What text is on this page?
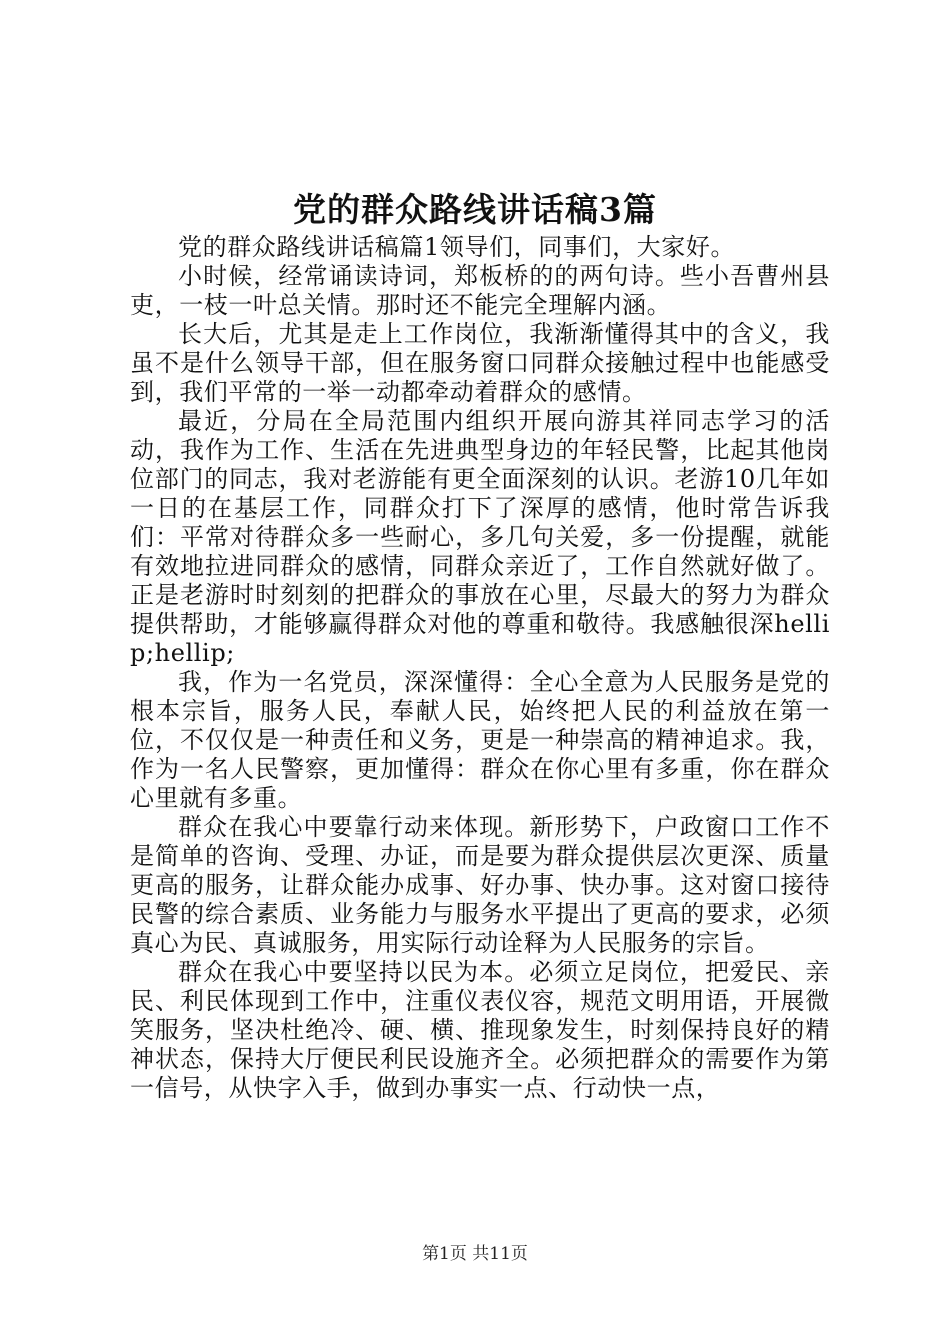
党的群众路线讲话稿3篇

党的群众路线讲话稿篇1领导们，同事们，大家好。

小时候，经常诵读诗词，郑板桥的的两句诗。些小吾曹州县吏，一枝一叶总关情。那时还不能完全理解内涵。

长大后，尤其是走上工作岗位，我渐渐懂得其中的含义，我虽不是什么领导干部，但在服务窗口同群众接触过程中也能感受到，我们平常的一举一动都牵动着群众的感情。

最近，分局在全局范围内组织开展向游其祥同志学习的活动，我作为工作、生活在先进典型身边的年轻民警，比起其他岗位部门的同志，我对老游能有更全面深刻的认识。老游10几年如一日的在基层工作，同群众打下了深厚的感情，他时常告诉我们：平常对待群众多一些耐心，多几句关爱，多一份提醒，就能有效地拉进同群众的感情，同群众亲近了，工作自然就好做了。正是老游时时刻刻的把群众的事放在心里，尽最大的努力为群众提供帮助，才能够赢得群众对他的尊重和敬待。我感触很深hellip;hellip;

我，作为一名党员，深深懂得：全心全意为人民服务是党的根本宗旨，服务人民，奉献人民，始终把人民的利益放在第一位，不仅仅是一种责任和义务，更是一种崇高的精神追求。我，作为一名人民警察，更加懂得：群众在你心里有多重，你在群众心里就有多重。

群众在我心中要靠行动来体现。新形势下，户政窗口工作不是简单的咨询、受理、办证，而是要为群众提供层次更深、质量更高的服务，让群众能办成事、好办事、快办事。这对窗口接待民警的综合素质、业务能力与服务水平提出了更高的要求，必须真心为民、真诚服务，用实际行动诠释为人民服务的宗旨。

群众在我心中要坚持以民为本。必须立足岗位，把爱民、亲民、利民体现到工作中，注重仪表仪容，规范文明用语，开展微笑服务，坚决杜绝冷、硬、横、推现象发生，时刻保持良好的精神状态，保持大厅便民利民设施齐全。必须把群众的需要作为第一信号，从快字入手，做到办事实一点、行动快一点，

第1页 共11页
